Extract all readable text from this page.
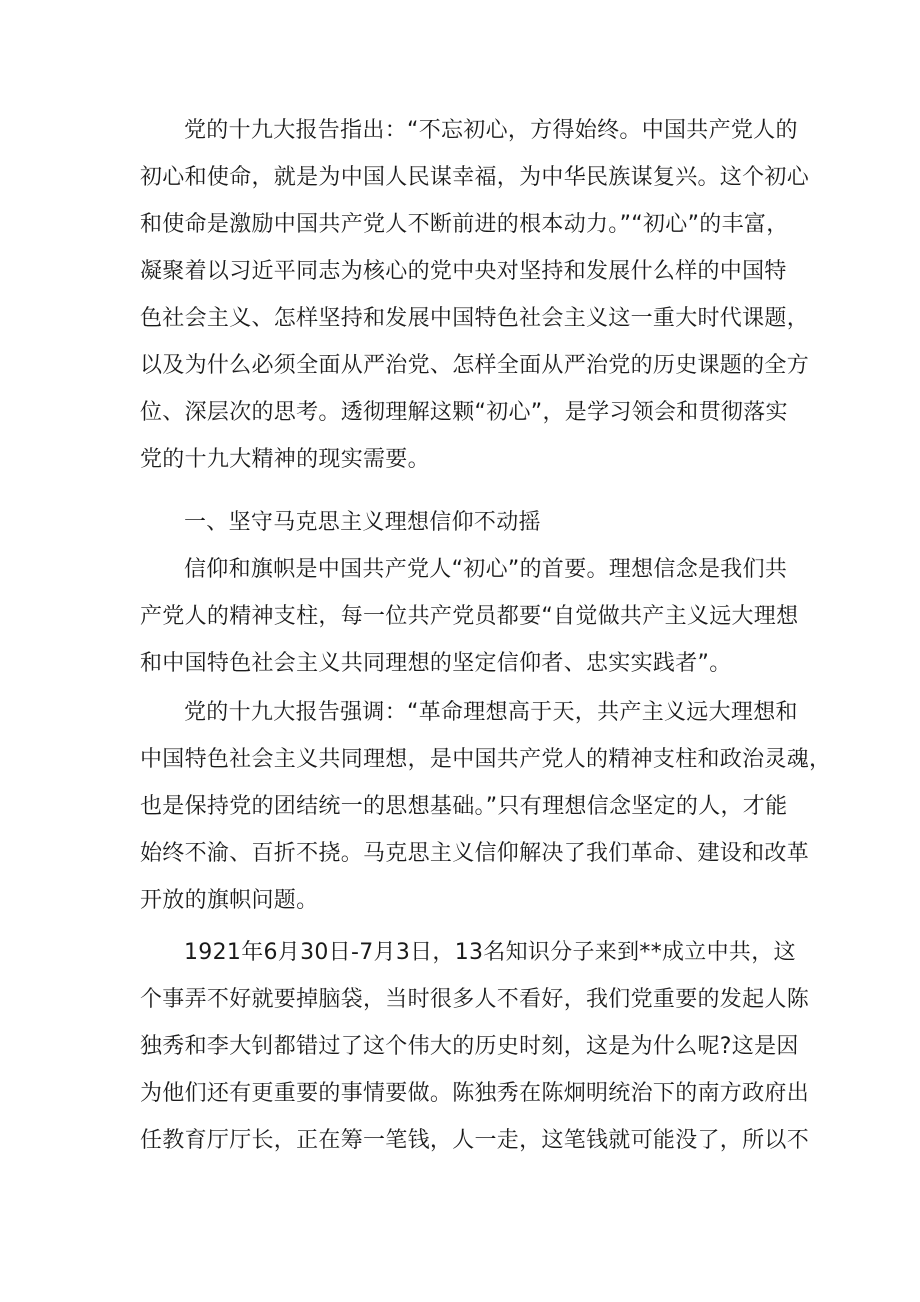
党的十九大报告指出：“不忘初心，方得始终。中国共产党人的
初心和使命，就是为中国人民谋幸福，为中华民族谋复兴。这个初心
和使命是激励中国共产党人不断前进的根本动力。”“初心”的丰富，
凝聚着以习近平同志为核心的党中央对坚持和发展什么样的中国特
色社会主义、怎样坚持和发展中国特色社会主义这一重大时代课题，
以及为什么必须全面从严治党、怎样全面从严治党的历史课题的全方
位、深层次的思考。透彻理解这颗“初心”，是学习领会和贯彻落实
党的十九大精神的现实需要。
一、坚守马克思主义理想信仰不动摇
信仰和旗帜是中国共产党人“初心”的首要。理想信念是我们共
产党人的精神支柱，每一位共产党员都要“自觉做共产主义远大理想
和中国特色社会主义共同理想的坚定信仰者、忠实实践者”。
党的十九大报告强调：“革命理想高于天，共产主义远大理想和
中国特色社会主义共同理想，是中国共产党人的精神支柱和政治灵魂，
也是保持党的团结统一的思想基础。”只有理想信念坚定的人，才能
始终不渝、百折不挠。马克思主义信仰解决了我们革命、建设和改革
开放的旗帜问题。
1921年6月30日-7月3日，13名知识分子来到**成立中共，这
个事弄不好就要掉脑袋，当时很多人不看好，我们党重要的发起人陈
独秀和李大钊都错过了这个伟大的历史时刻，这是为什么呢?这是因
为他们还有更重要的事情要做。陈独秀在陈炯明统治下的南方政府出
任教育厅厅长，正在筹一笔钱，人一走，这笔钱就可能没了，所以不
